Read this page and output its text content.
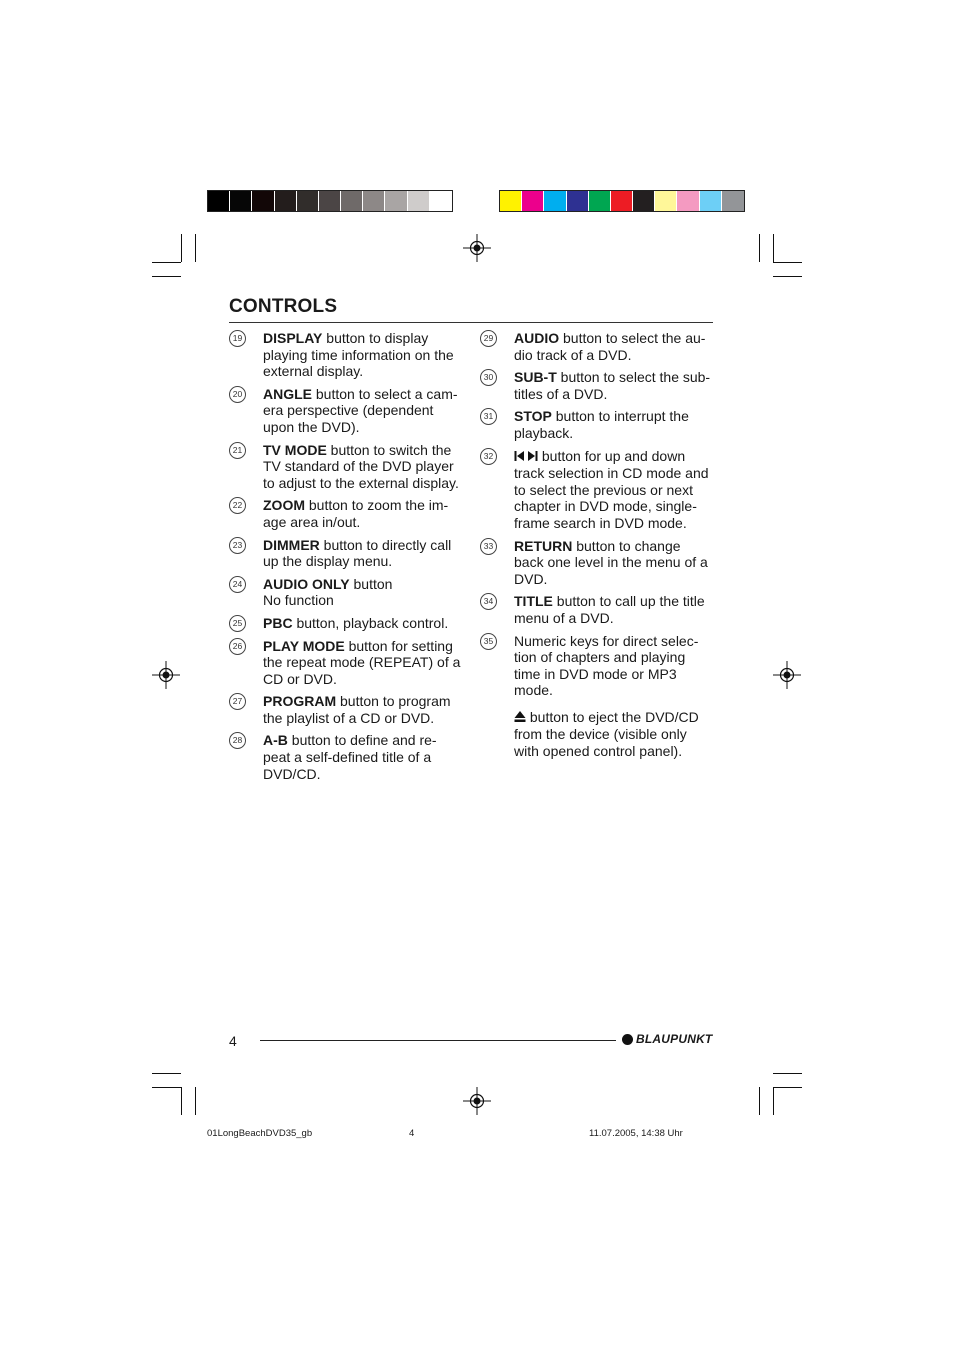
CONTROLS
19 DISPLAY button to display
playing time information on the
external display.
20 ANGLE button to select a cam-
era perspective (dependent
upon the DVD).
21 TV MODE button to switch the
TV standard of the DVD player
to adjust to the external display.
22 ZOOM button to zoom the im-
age area in/out.
23 DIMMER button to directly call
up the display menu.
24 AUDIO ONLY button
No function
25 PBC button, playback control.
26 PLAY MODE button for setting
the repeat mode (REPEAT) of a
CD or DVD.
27 PROGRAM button to program
the playlist of a CD or DVD.
28 A-B button to define and re-
peat a self-defined title of a
DVD/CD.
29 AUDIO button to select the au-
dio track of a DVD.
30 SUB-T button to select the sub-
titles of a DVD.
31 STOP button to interrupt the
playback.
32	button for up and down
track selection in CD mode and
to select the previous or next
chapter in DVD mode, single-
frame search in DVD mode.
33 RETURN button to change
back one level in the menu of a
DVD.
34 TITLE button to call up the title
menu of a DVD.
35 Numeric keys for direct selec-
tion of chapters and playing
time in DVD mode or MP3
mode.
button to eject the DVD/CD
from the device (visible only
with opened control panel).
4	BLAUPUNKT
01LongBeachDVD35_gb	4	11.07.2005, 14:38 Uhr
